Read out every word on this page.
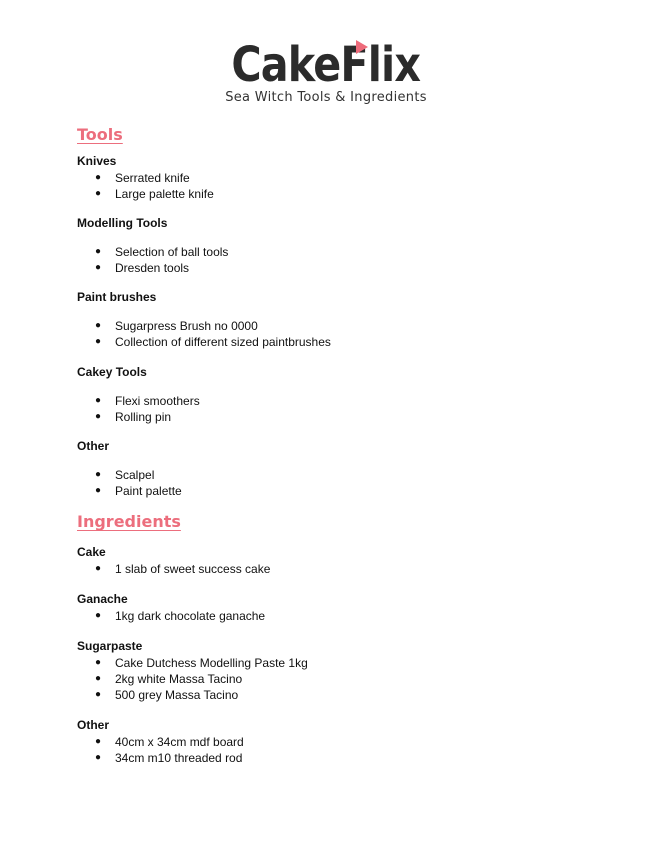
CakeFlix
Sea Witch Tools & Ingredients
Tools
Knives
● Serrated knife
● Large palette knife
Modelling Tools
● Selection of ball tools
● Dresden tools
Paint brushes
● Sugarpress Brush no 0000
● Collection of different sized paintbrushes
Cakey Tools
● Flexi smoothers
● Rolling pin
Other
● Scalpel
● Paint palette
Ingredients
Cake
● 1 slab of sweet success cake
Ganache
● 1kg dark chocolate ganache
Sugarpaste
● Cake Dutchess Modelling Paste 1kg
● 2kg white Massa Tacino
● 500 grey Massa Tacino
Other
● 40cm x 34cm mdf board
● 34cm m10 threaded rod
